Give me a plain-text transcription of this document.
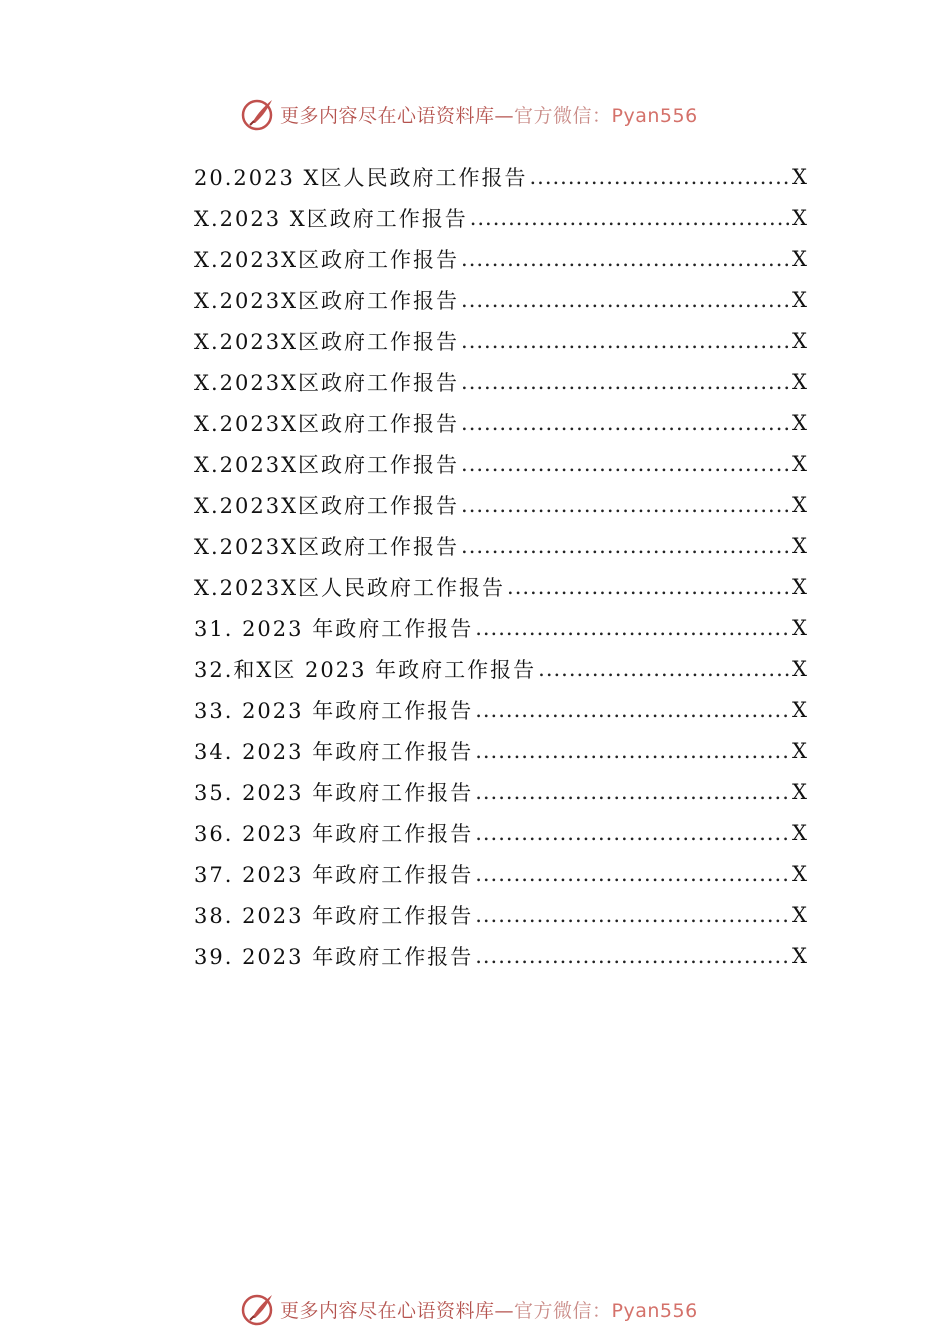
更多内容尽在心语资料库—官方微信：Pyan556
20.2023 X区人民政府工作报告 .....	X
X.2023 X区政府工作报告 .....	X
X.2023X区政府工作报告 .....	X
X.2023X区政府工作报告 .....	X
X.2023X区政府工作报告 .....	X
X.2023X区政府工作报告 .....	X
X.2023X区政府工作报告 .....	X
X.2023X区政府工作报告 .....	X
X.2023X区政府工作报告 .....	X
X.2023X区政府工作报告 .....	X
X.2023X区人民政府工作报告 .....	X
31. 2023 年政府工作报告 .....	X
32.和X区 2023 年政府工作报告 .....	X
33. 2023 年政府工作报告 .....	X
34. 2023 年政府工作报告 .....	X
35. 2023 年政府工作报告 .....	X
36. 2023 年政府工作报告 .....	X
37. 2023 年政府工作报告 .....	X
38. 2023 年政府工作报告 .....	X
39. 2023 年政府工作报告 .....	X
更多内容尽在心语资料库—官方微信：Pyan556
